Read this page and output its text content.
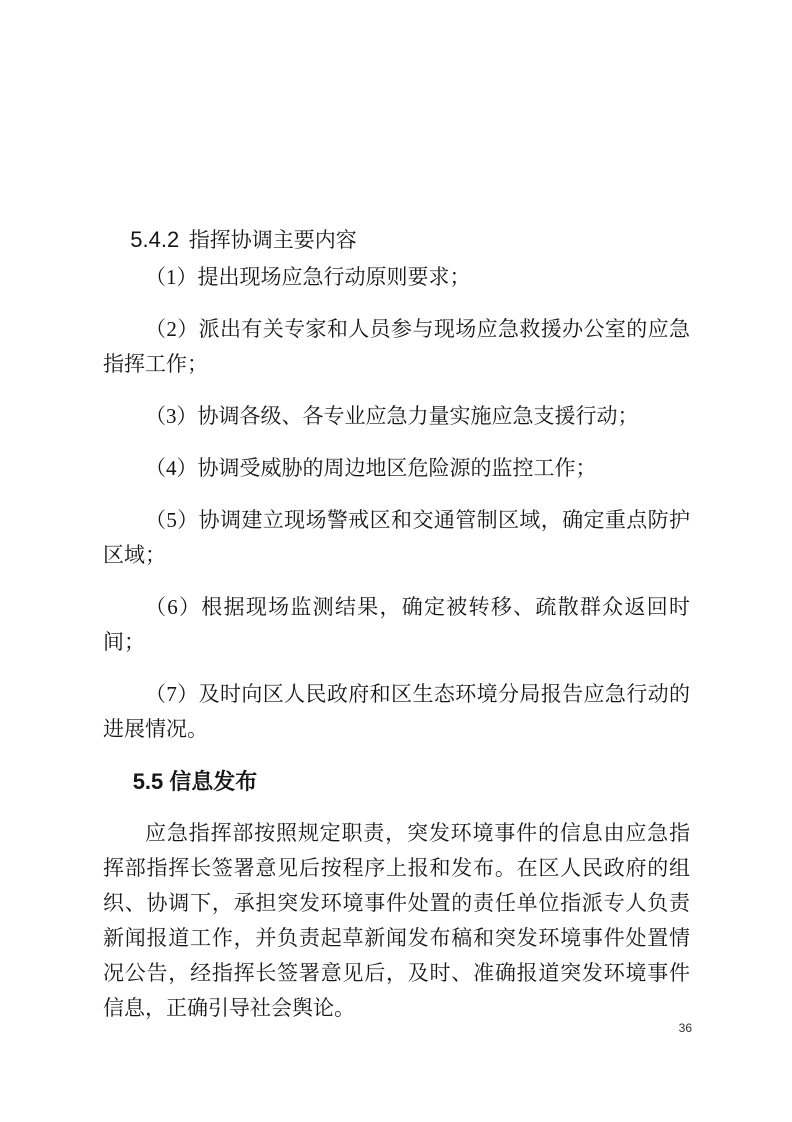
5.4.2  指挥协调主要内容

（1）提出现场应急行动原则要求；

（2）派出有关专家和人员参与现场应急救援办公室的应急指挥工作；

（3）协调各级、各专业应急力量实施应急支援行动；

（4）协调受威胁的周边地区危险源的监控工作；

（5）协调建立现场警戒区和交通管制区域，确定重点防护区域；

（6）根据现场监测结果，确定被转移、疏散群众返回时间；

（7）及时向区人民政府和区生态环境分局报告应急行动的进展情况。

5.5 信息发布

应急指挥部按照规定职责，突发环境事件的信息由应急指挥部指挥长签署意见后按程序上报和发布。在区人民政府的组织、协调下，承担突发环境事件处置的责任单位指派专人负责新闻报道工作，并负责起草新闻发布稿和突发环境事件处置情况公告，经指挥长签署意见后，及时、准确报道突发环境事件信息，正确引导社会舆论。

36
